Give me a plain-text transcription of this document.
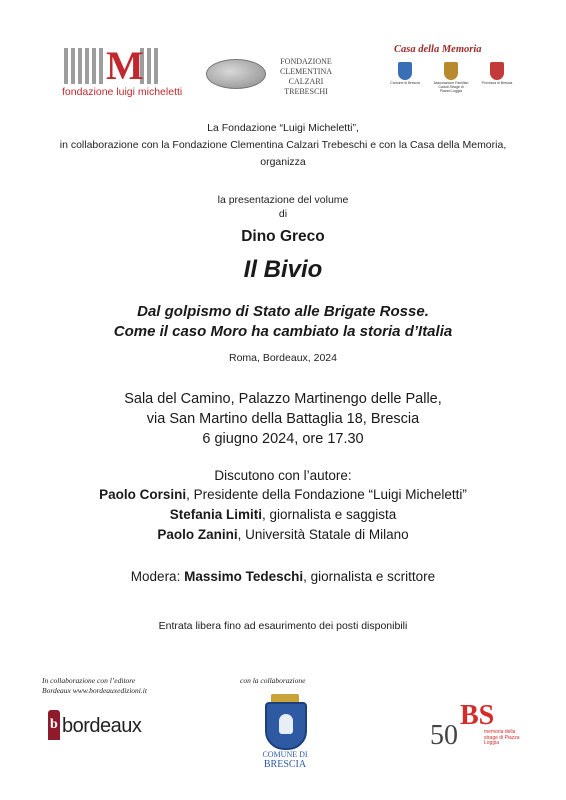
M
fondazione luigi micheletti
FONDAZIONE
CLEMENTINA CALZARI
TREBESCHI
Casa della Memoria
Comune di Brescia	Associazione Familiari Caduti Strage di Piazza Loggia
Provincia di Brescia
La Fondazione “Luigi Micheletti”,
in collaborazione con la Fondazione Clementina Calzari Trebeschi e con la Casa della Memoria,
organizza
la presentazione del volume
di
Dino Greco
Il Bivio
Dal golpismo di Stato alle Brigate Rosse.
Come il caso Moro ha cambiato la storia d’Italia
Roma, Bordeaux, 2024
Sala del Camino, Palazzo Martinengo delle Palle,
via San Martino della Battaglia 18, Brescia
6 giugno 2024, ore 17.30
Discutono con l’autore:
Paolo Corsini, Presidente della Fondazione “Luigi Micheletti”
Stefania Limiti, giornalista e saggista
Paolo Zanini, Università Statale di Milano
Modera: Massimo Tedeschi, giornalista e scrittore
Entrata libera fino ad esaurimento dei posti disponibili
In collaborazione con l’editore
Bordeaux www.bordeauxedizioni.it
con la collaborazione
b bordeaux
COMUNE DI
BRESCIA
50
BS
memoria della strage di Piazza Loggia
